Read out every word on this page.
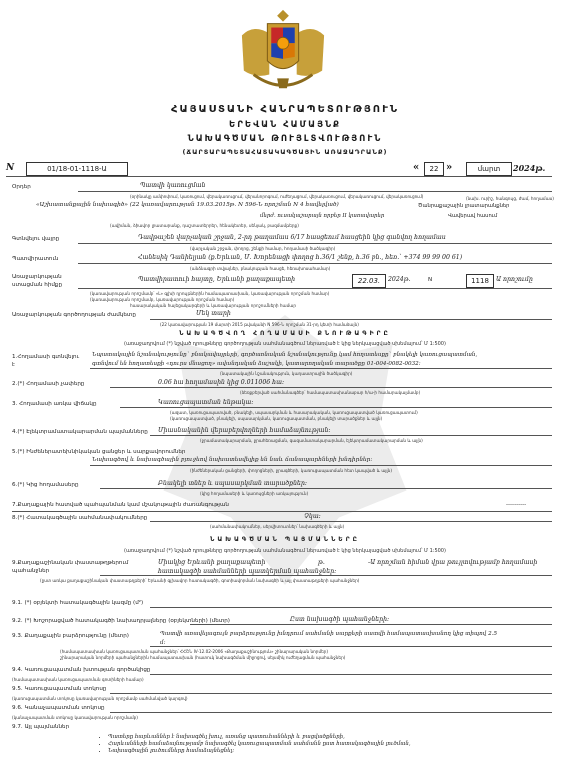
ՀԱՅԱՍՏԱՆԻ ՀԱՆՐԱՊԵՏՈՒԹՅՈՒՆ
ԵՐԵՎԱՆ ՀԱՄԱՅՆՔ
ՆԱԽԱԳԾՄԱՆ ԹՈՒՅԼՏՎՈՒԹՅՈՒՆ
(ՃԱՐՏԱՐԱՊԵՏԱՀԱՏԱԿԱԳԾԱՅԻՆ ԱՌԱՋԱԴՐԱՆՔ)
N	01/18-01-1118-Ա	«	22 »	մարտ	2024թ.
Օրդեր	Պատվի կառուցման
(օրինակը ամփոփում, կառուցում, վերակառուցում, վերանորոգում, ուժեղացում, վերակառուցում, վերակառուցում, վերակառուցում)
«Աշխատանքային նախագիծ» (22 կառավարության 19.03.2015թ. N 596-Ն որոշման N 4 հավելված)	Ծանրաքաշային լրատարանքներ
(նախ. ուրիշ, հանգույց, ժամ, հողամաս)
մերժ. ուսակաշարայն որբեր II կառավարեր	Վավերավ հասում
(ավիման, ձիավոր լրատարանք, դաշտատերրեր, հենակետեր, սենյակ, բազմամթերք)
Գտնվելու վայրը	Դավթաշեն վարչական շրջան, 2-րդ թաղամաս 6/17 հասցեում հասցեին կից գանվող հողամաս
(վարչական շրջան, փողոց, շենքի համար, հողամասի ծածկագիր)
Պատվիրատուն	Հանեսիկ Դանիելյան (ք.Երևան, Մ. Խորենացի փողոց հ.36/1 շենք, հ.36 բն., հեռ.՝ +374 99 99 00 61)
(անձնագրի տվյալներ, բնակության հասցե, հեռախոսահամար)
Առաջարկության
ստացման հիմքը
Պատվիրատուի հայտը, Երևանի քաղաքապետի	22.03.	2024թ.	N	1118	Ա որոշումը
(կառավարության որոշմամբ՝ «Լ» գլխի դրույթներին համապատասխան, կառավարության որոշման համար)
(կառավարության որոշմամբ, կառավարության որոշման համար)
հասարակական հայեցակարգերի և կառավարության որոշումների համար
Առաջարկության գործողության ժամկետը	Մեկ տարի
(22 կառավարության 19 մարտի 2015 թվականի N 596-Ն որոշման 31-րդ կետի համաձայն)
ՆԱԽԱԳԾՎՈՂ ՀՈՂԱՄԱՍԻ ՔՆՈՒԹԱԳԻՐԸ
(առաջադրվում (*) նշված դրույթները գործողության սահմանագծում ներառված է կից ներկայացված սխեմայում՝ Մ 1:500)
1.Հողամասի գտնվելու
է
Նպատակային նշանակությունը` բնակավայրերի, գործառնական նշանակությունը կամ հողատեսքը` բնակելի կառուցապատման,
գտնվում են հողատեսքի «դուրս մնացող» ավանդական ձաշակի, կատարողական տարածքը 01-004-0082-0032:
(նպատակային նշանակություն, կադաստրային ծածկագիր)
2.(*) Հողամասի չափերը	0.06 հա հողամասին կից 0.011006 հա:
(ձեռքբերված սահմանագծեր՝ համապատասխանաբար հ/ա-ի համարակալմամբ)
3. Հողամասի առկա վիճակը	Կառուցապատման ենթակա:
(ազատ, կառուցապատված, բնակելի, սպասարկման և հասարակական, կառուցապատված կառուցապատում)
(կառուցապատված, բնակելի, սպասարկման, կառուցապատման, բնակելի տարածքներ և այլն)
4.(*) Էլեկտրամատակարարման պայմանները Միասնականին վերաբերվողների համաձայնության:
(ջրամատակարարման, ջրահեռացման, գազամատակարարման, էլեկտրամատակարարման և այլն)
5.(*) Ինժեներատեխնիկական ցանցեր և սարքավորումներ
Նախագծով և նախագծային բյուջեով նախատեսվելիք են նաև ճանապարհների խնդիրներ:
(ինժեներական ցանցերի, փողոցների, ջրագծերի, կառուցապատման հետ կապված և այլն)
6.(*) Կից հողամասերը	Բնակելի տներ և սպասարկման տարածքներ:
(կից հողամասերի և կառույցների առկայություն)
7.Քաղաքային հատված պահպանման կամ մշակութային ժառանգության	----------
8.(*) Հատակագծային սահմանափակումները	Չկա:
(սահմանափակումներ, սերվիտուտներ՝ նախագծերի և այլն)
ՆԱԽԱԳԾՄԱՆ ՊԱՅՄԱՆՆԵՐԸ
(առաջադրվում (*) նշված դրույթները գործողության սահմանագծում ներառված է կից ներկայացված սխեմայում՝ Մ 1:500)
9.Քաղաքաշինական փաստաթղթերում
պահանջներ
Միակից Երևանի քաղաքապետի	թ.	-Ա որոշման հիման վրա թույլտվությամբ հողամասի
հատակագծի սահմանների պատկերման պահանջներ:
(ըստ առկա քաղաքաշինական փաստաթղթերի՝ Երևանի գլխավոր հատակագծի, գոտիավորման նախագծի և այլ փաստաթղթերի պահանջներ)
9.1. (*) օբյեկտի հատակագծային կազմը (մ²)
9.2. (*) Խոշորացված հատակագծի նախադրյալները (օբյեկտների) (մետր)	Ըստ նախագծի պահանջների:
9.3. Քաղաքային բարձրությունը (մետր)	Պատվի առավելագույն բարձրությունը խնդրում սահմանի սարքերի սատվի համապատասխանող կից տիպով 2.5
մ:
(համապատասխան կառուցապատման պահանջներ՝ ՀՀՇՆ IV-12.02-2006 «Քաղաքաշինություն» շինարարական նորմեր)
շինարարական նորմերի պահանջներին համապատասխան (հատուկ նախագծման միջոցով, սեյսմիկ ուժեղացման պահանջներ)
9.4. Կառուցապատման խտության գործակիցը
(համապատասխան կառուցապատման գոտիների համար)
9.5. Կառուցապատման տոկոսը
(կառուցապատման տոկոսը կառավարության որոշմամբ սահմանված կարգով)
9.6. Կանաչապատման տոկոսը
(կանաչապատման տոկոսը կառավարության որոշմամբ)
9.7. Այլ պայմաններ
• Պատերը հարևաններ է նախագծել խուլ, առանց պատուհանների և բացվածքների,
• Հարևանների համաձայնությամբ նախագծել կառուցապատման սահմանն ըստ հատակագծային լուծման,
• Նախագծային լուծումները համաձայնեցնել:
